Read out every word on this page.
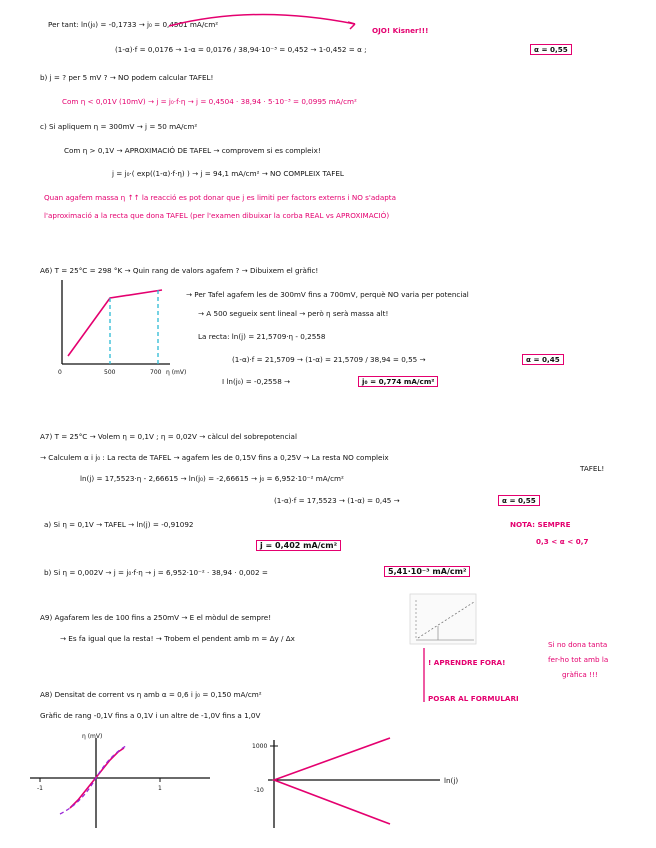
Per tant: ln(j₀) = -0,1733 → j₀ = 0,4501 mA/cm²
OJO! Kisner!!!
(1-α)·f = 0,0176 → 1-α = 0,0176 / 38,94·10⁻³ = 0,452 → 1-0,452 = α ;	α = 0,55
b) j = ? per 5 mV ? → NO podem calcular TAFEL!
Com η < 0,01V (10mV) → j = j₀·f·η → j = 0,4504 · 38,94 · 5·10⁻³ = 0,0995 mA/cm²
c) Si apliquem η = 300mV → j = 50 mA/cm²
Com η > 0,1V → APROXIMACIÓ DE TAFEL → comprovem si es compleix!
j = j₀·( exp((1-α)·f·η) ) → j = 94,1 mA/cm² → NO COMPLEIX TAFEL
Quan agafem massa η ↑↑ la reacció es pot donar que j es limiti per factors externs i NO s'adapta
l'aproximació a la recta que dona TAFEL (per l'examen dibuixar la corba REAL vs APROXIMACIÓ)
A6) T = 25°C = 298 °K → Quin rang de valors agafem ? → Dibuixem el gràfic!
0	500	700 η (mV)
→ Per Tafel agafem les de 300mV fins a 700mV, perquè NO varia per potencial
→ A 500 segueix sent lineal → però η serà massa alt!
La recta: ln(j) = 21,5709·η - 0,2558
(1-α)·f = 21,5709 → (1-α) = 21,5709 / 38,94 = 0,55 →	α = 0,45
I ln(j₀) = -0,2558 →	j₀ = 0,774 mA/cm²
A7) T = 25°C → Volem η = 0,1V ; η = 0,02V → càlcul del sobrepotencial
→ Calculem α i j₀ : La recta de TAFEL → agafem les de 0,15V fins a 0,25V → La resta NO compleix
TAFEL!
ln(j) = 17,5523·η - 2,66615 → ln(j₀) = -2,66615 → j₀ = 6,952·10⁻² mA/cm²
(1-α)·f = 17,5523 → (1-α) = 0,45 →	α = 0,55
NOTA: SEMPRE
0,3 < α < 0,7
a) Si η = 0,1V → TAFEL → ln(j) = -0,91092
j = 0,402 mA/cm²
b) Si η = 0,002V → j = j₀·f·η → j = 6,952·10⁻² · 38,94 · 0,002 =	5,41·10⁻³ mA/cm²
A9) Agafarem les de 100 fins a 250mV → E el mòdul de sempre!
→ Es fa igual que la resta! → Trobem el pendent amb m = Δy / Δx
! APRENDRE FORA!
POSAR AL FORMULARI
Si no dona tanta
fer-ho tot amb la
gràfica !!!
A8) Densitat de corrent vs η amb α = 0,6 i j₀ = 0,150 mA/cm²
Gràfic de rang -0,1V fins a 0,1V i un altre de -1,0V fins a 1,0V
η (mV)
-1	1
1000
-10
ln(j)
